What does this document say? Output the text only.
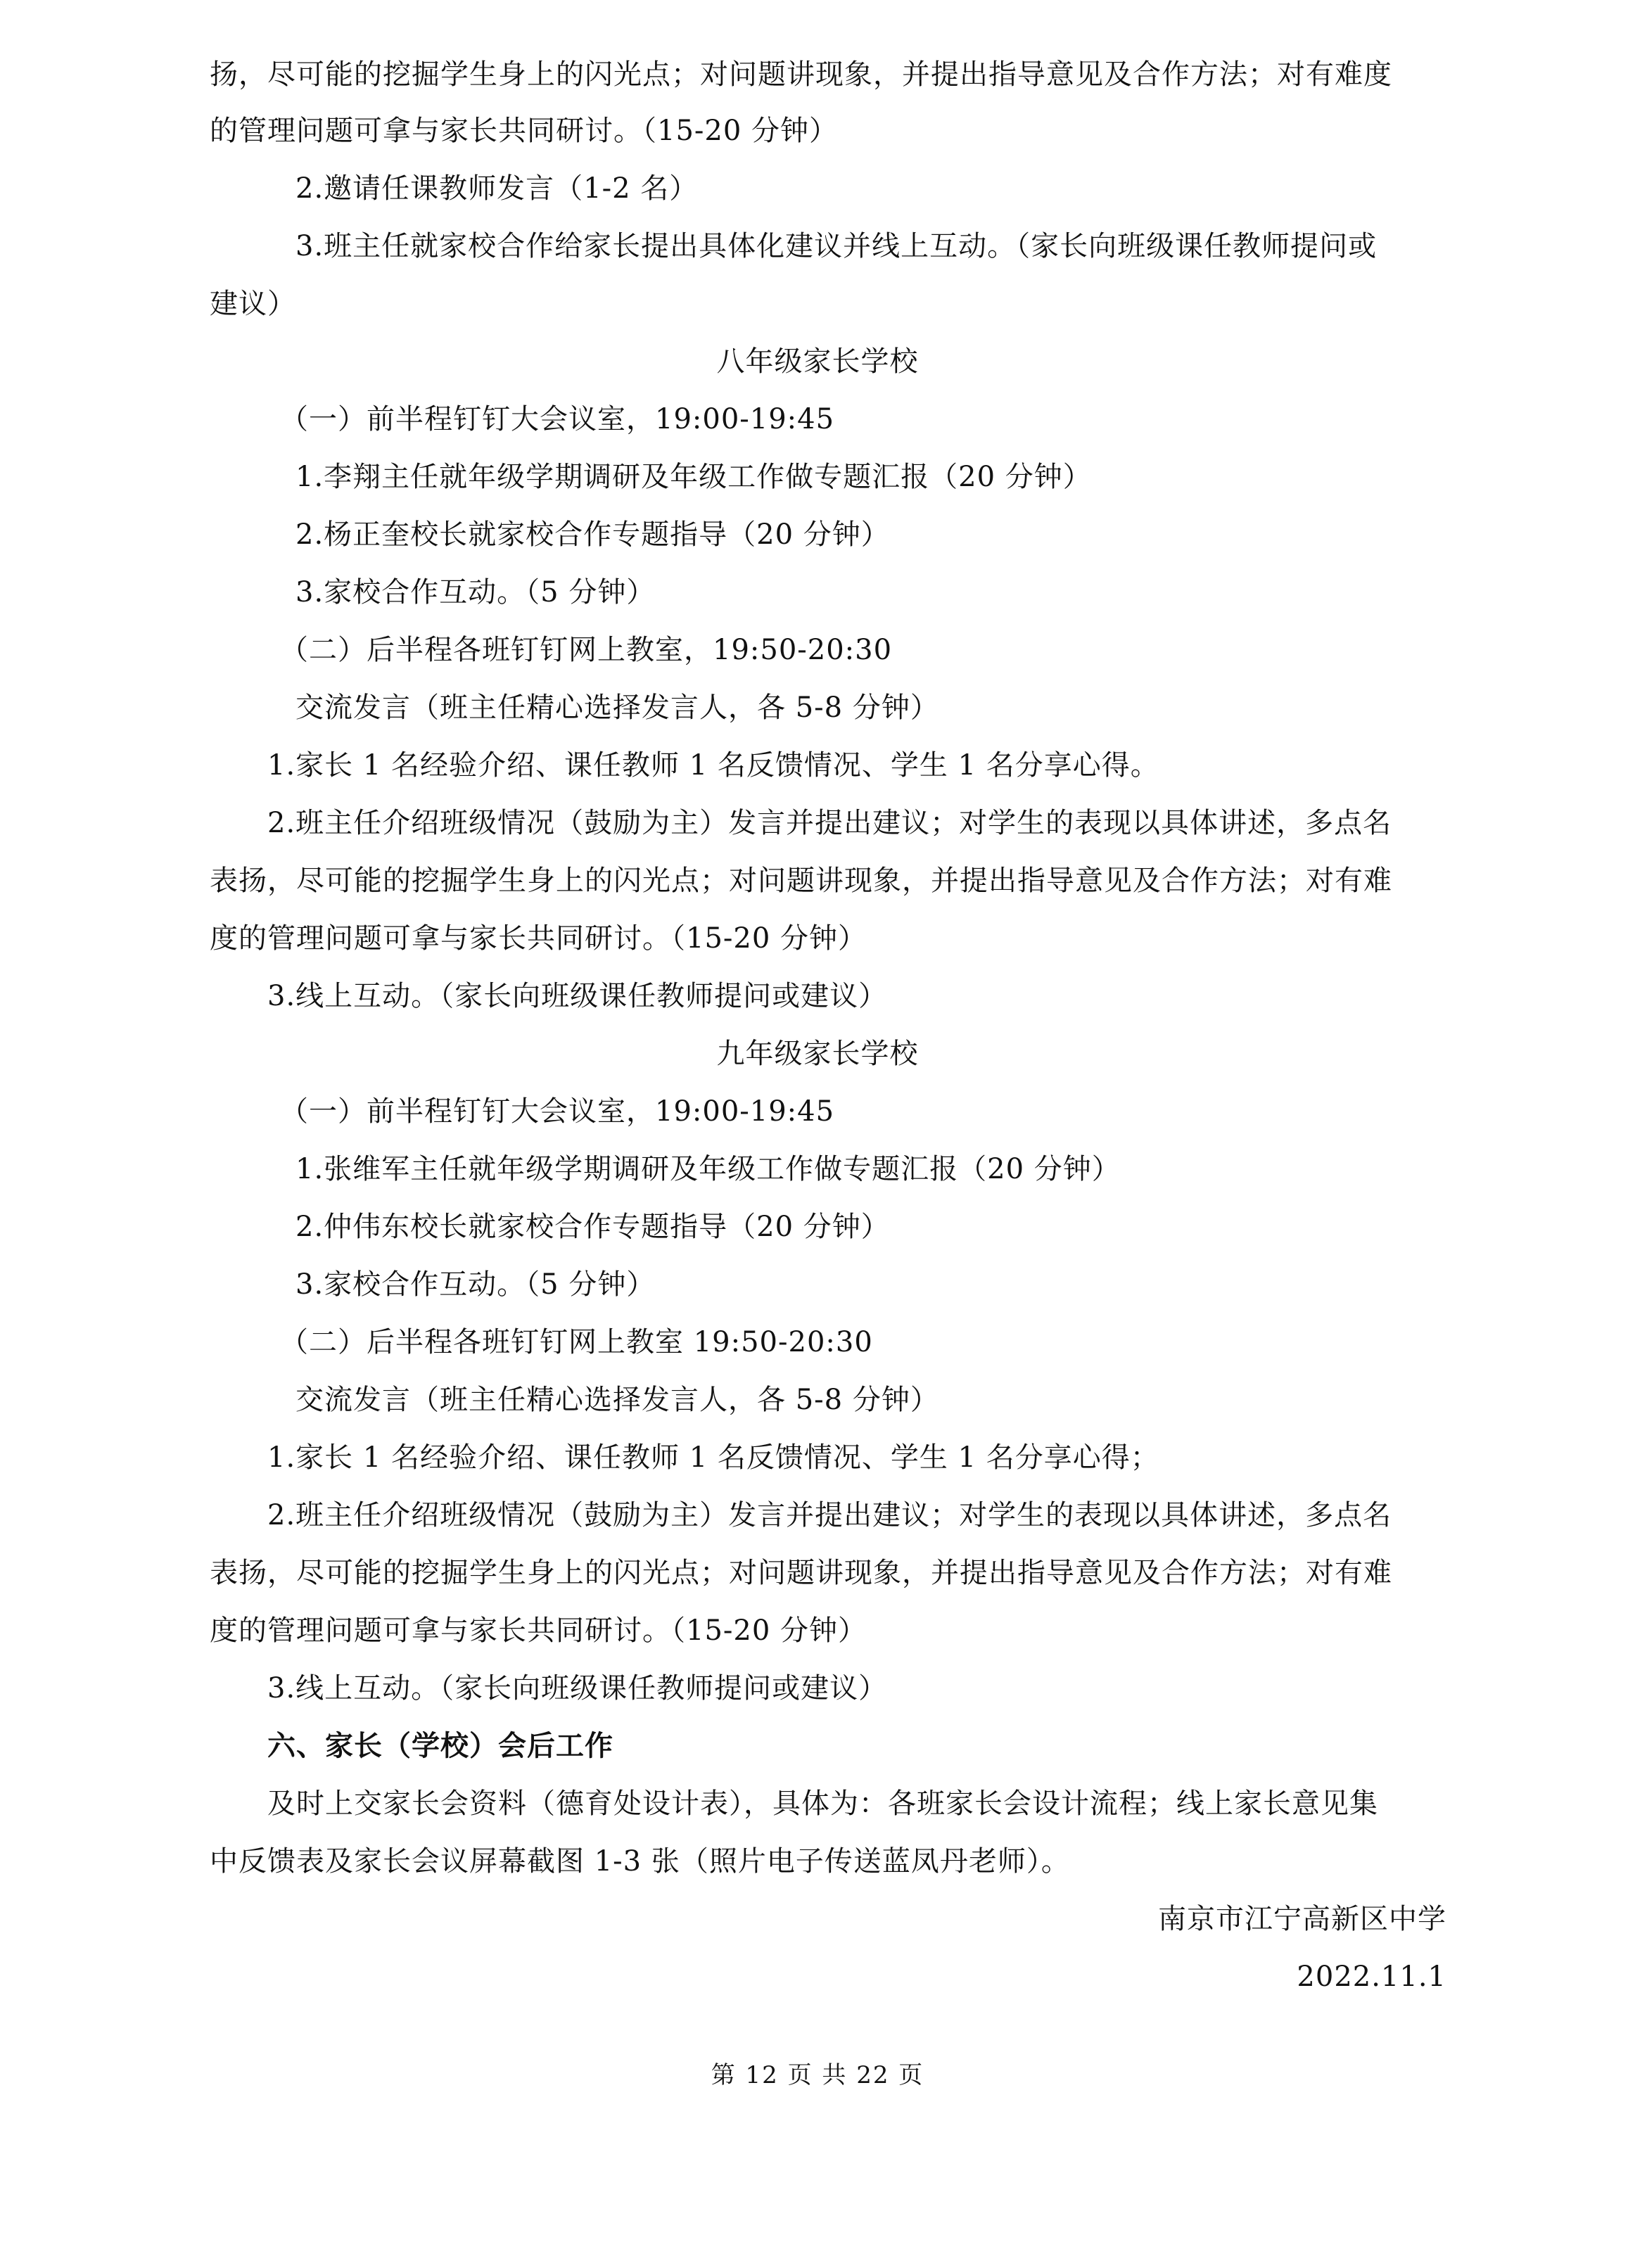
扬，尽可能的挖掘学生身上的闪光点；对问题讲现象，并提出指导意见及合作方法；对有难度
的管理问题可拿与家长共同研讨。（15-20 分钟）
2.邀请任课教师发言（1-2 名）
3.班主任就家校合作给家长提出具体化建议并线上互动。（家长向班级课任教师提问或
建议）
八年级家长学校
（一）前半程钉钉大会议室，19:00-19:45
1.李翔主任就年级学期调研及年级工作做专题汇报（20 分钟）
2.杨正奎校长就家校合作专题指导（20 分钟）
3.家校合作互动。（5 分钟）
（二）后半程各班钉钉网上教室，19:50-20:30
交流发言（班主任精心选择发言人，各 5-8 分钟）
1.家长 1 名经验介绍、课任教师 1 名反馈情况、学生 1 名分享心得。
2.班主任介绍班级情况（鼓励为主）发言并提出建议；对学生的表现以具体讲述，多点名
表扬，尽可能的挖掘学生身上的闪光点；对问题讲现象，并提出指导意见及合作方法；对有难
度的管理问题可拿与家长共同研讨。（15-20 分钟）
3.线上互动。（家长向班级课任教师提问或建议）
九年级家长学校
（一）前半程钉钉大会议室，19:00-19:45
1.张维军主任就年级学期调研及年级工作做专题汇报（20 分钟）
2.仲伟东校长就家校合作专题指导（20 分钟）
3.家校合作互动。（5 分钟）
（二）后半程各班钉钉网上教室 19:50-20:30
交流发言（班主任精心选择发言人，各 5-8 分钟）
1.家长 1 名经验介绍、课任教师 1 名反馈情况、学生 1 名分享心得；
2.班主任介绍班级情况（鼓励为主）发言并提出建议；对学生的表现以具体讲述，多点名
表扬，尽可能的挖掘学生身上的闪光点；对问题讲现象，并提出指导意见及合作方法；对有难
度的管理问题可拿与家长共同研讨。（15-20 分钟）
3.线上互动。（家长向班级课任教师提问或建议）
六、家长（学校）会后工作
及时上交家长会资料（德育处设计表），具体为：各班家长会设计流程；线上家长意见集
中反馈表及家长会议屏幕截图 1-3 张（照片电子传送蓝凤丹老师）。
南京市江宁高新区中学
2022.11.1
第 12 页 共 22 页
